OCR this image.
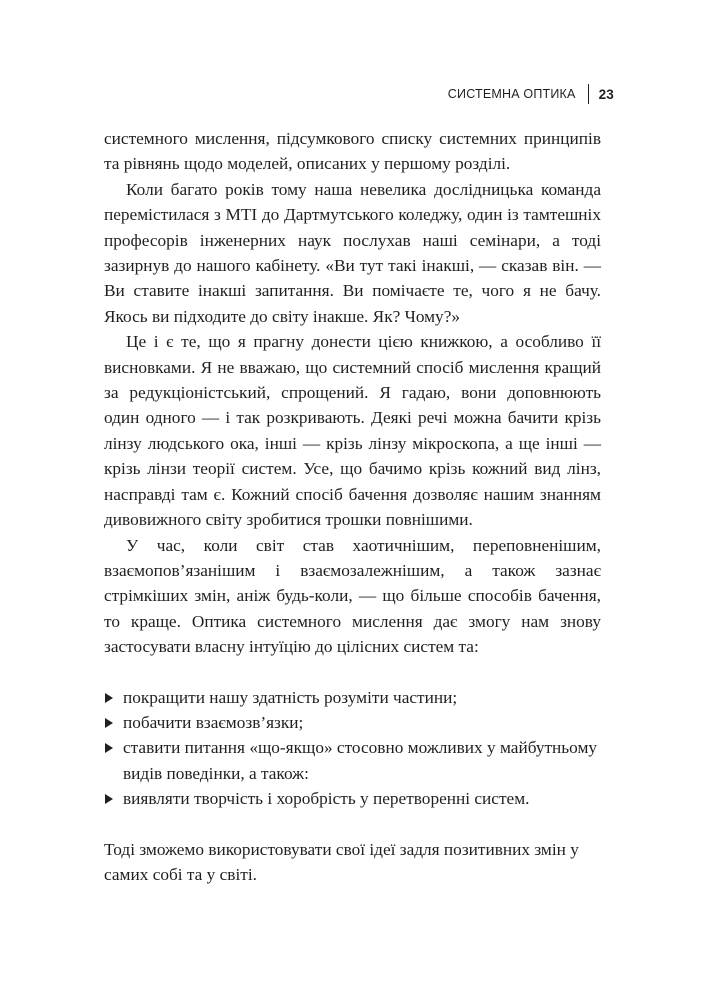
СИСТЕМНА ОПТИКА 23

системного мислення, підсумкового списку системних принципів та рівнянь щодо моделей, описаних у першому розділі.

Коли багато років тому наша невелика дослідницька команда перемістилася з МТІ до Дартмутського коледжу, один із тамтешніх професорів інженерних наук послухав наші семінари, а тоді зазирнув до нашого кабінету. «Ви тут такі інакші, — сказав він. — Ви ставите інакші запитання. Ви помічаєте те, чого я не бачу. Якось ви підходите до світу інакше. Як? Чому?»

Це і є те, що я прагну донести цією книжкою, а особливо її висновками. Я не вважаю, що системний спосіб мислення кращий за редукціоністський, спрощений. Я гадаю, вони доповнюють один одного — і так розкривають. Деякі речі можна бачити крізь лінзу людського ока, інші — крізь лінзу мікроскопа, а ще інші — крізь лінзи теорії систем. Усе, що бачимо крізь кожний вид лінз, насправді там є. Кожний спосіб бачення дозволяє нашим знанням дивовижного світу зробитися трошки повнішими.

У час, коли світ став хаотичнішим, переповненішим, взаємопов’язанішим і взаємозалежнішим, а також зазнає стрімкіших змін, аніж будь-коли, — що більше способів бачення, то краще. Оптика системного мислення дає змогу нам знову застосувати власну інтуїцію до цілісних систем та:

покращити нашу здатність розуміти частини;
побачити взаємозв’язки;
ставити питання «що-якщо» стосовно можливих у майбутньому видів поведінки, а також:
виявляти творчість і хоробрість у перетворенні систем.

Тоді зможемо використовувати свої ідеї задля позитивних змін у самих собі та у світі.
